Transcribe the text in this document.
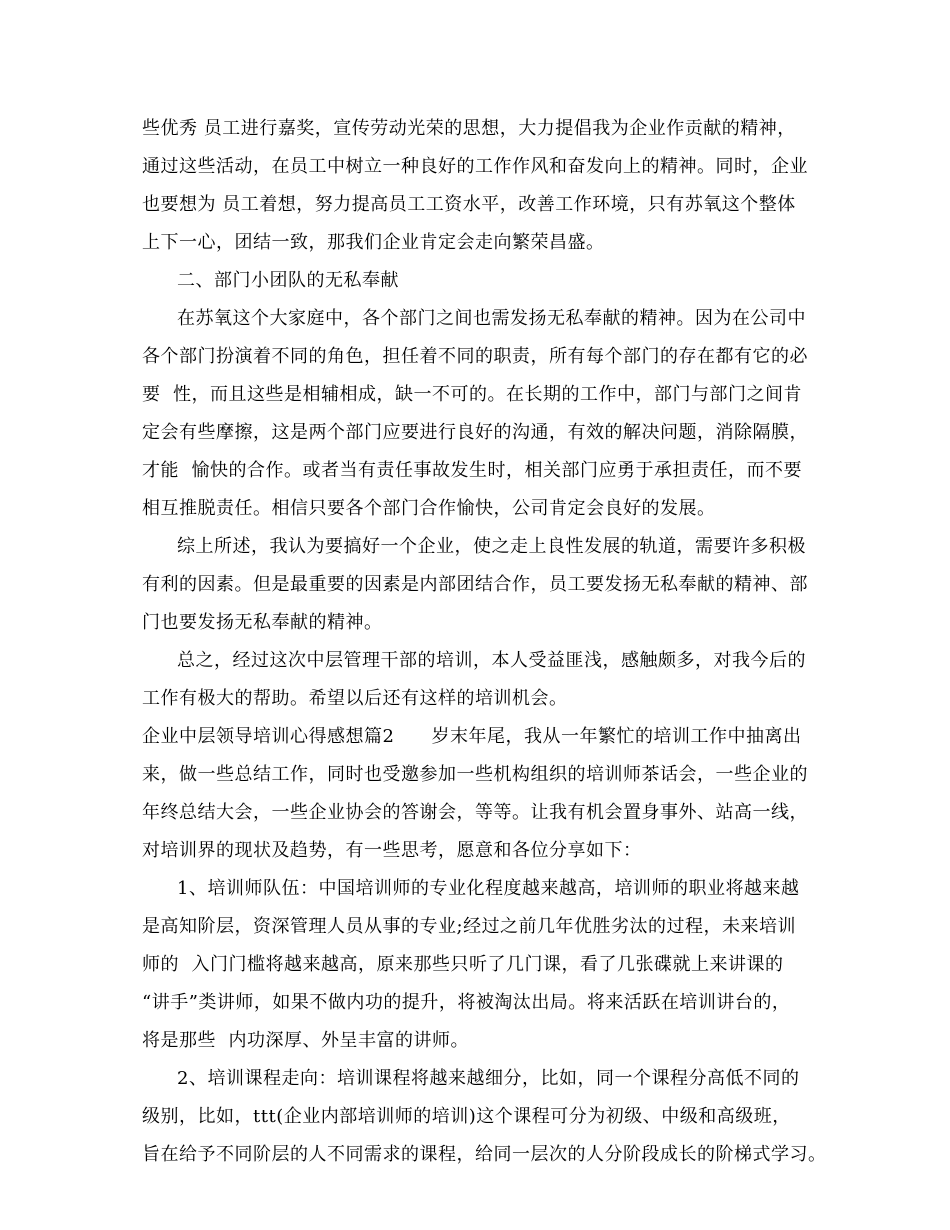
些优秀 员工进行嘉奖，宣传劳动光荣的思想，大力提倡我为企业作贡献的精神，
通过这些活动，在员工中树立一种良好的工作作风和奋发向上的精神。同时，企业
也要想为 员工着想，努力提高员工工资水平，改善工作环境，只有苏氧这个整体
上下一心，团结一致，那我们企业肯定会走向繁荣昌盛。
二、部门小团队的无私奉献
在苏氧这个大家庭中，各个部门之间也需发扬无私奉献的精神。因为在公司中
各个部门扮演着不同的角色，担任着不同的职责，所有每个部门的存在都有它的必
要  性，而且这些是相辅相成，缺一不可的。在长期的工作中，部门与部门之间肯
定会有些摩擦，这是两个部门应要进行良好的沟通，有效的解决问题，消除隔膜，
才能  愉快的合作。或者当有责任事故发生时，相关部门应勇于承担责任，而不要
相互推脱责任。相信只要各个部门合作愉快，公司肯定会良好的发展。
综上所述，我认为要搞好一个企业，使之走上良性发展的轨道，需要许多积极
有利的因素。但是最重要的因素是内部团结合作，员工要发扬无私奉献的精神、部
门也要发扬无私奉献的精神。
总之，经过这次中层管理干部的培训，本人受益匪浅，感触颇多，对我今后的
工作有极大的帮助。希望以后还有这样的培训机会。
企业中层领导培训心得感想篇2　　岁末年尾，我从一年繁忙的培训工作中抽离出
来，做一些总结工作，同时也受邀参加一些机构组织的培训师茶话会，一些企业的
年终总结大会，一些企业协会的答谢会，等等。让我有机会置身事外、站高一线，
对培训界的现状及趋势，有一些思考，愿意和各位分享如下：
1、培训师队伍：中国培训师的专业化程度越来越高，培训师的职业将越来越
是高知阶层，资深管理人员从事的专业;经过之前几年优胜劣汰的过程，未来培训
师的  入门门槛将越来越高，原来那些只听了几门课，看了几张碟就上来讲课的
“讲手”类讲师，如果不做内功的提升，将被淘汰出局。将来活跃在培训讲台的，
将是那些  内功深厚、外呈丰富的讲师。
2、培训课程走向：培训课程将越来越细分，比如，同一个课程分高低不同的
级别，比如，ttt(企业内部培训师的培训)这个课程可分为初级、中级和高级班，
旨在给予不同阶层的人不同需求的课程，给同一层次的人分阶段成长的阶梯式学习。
